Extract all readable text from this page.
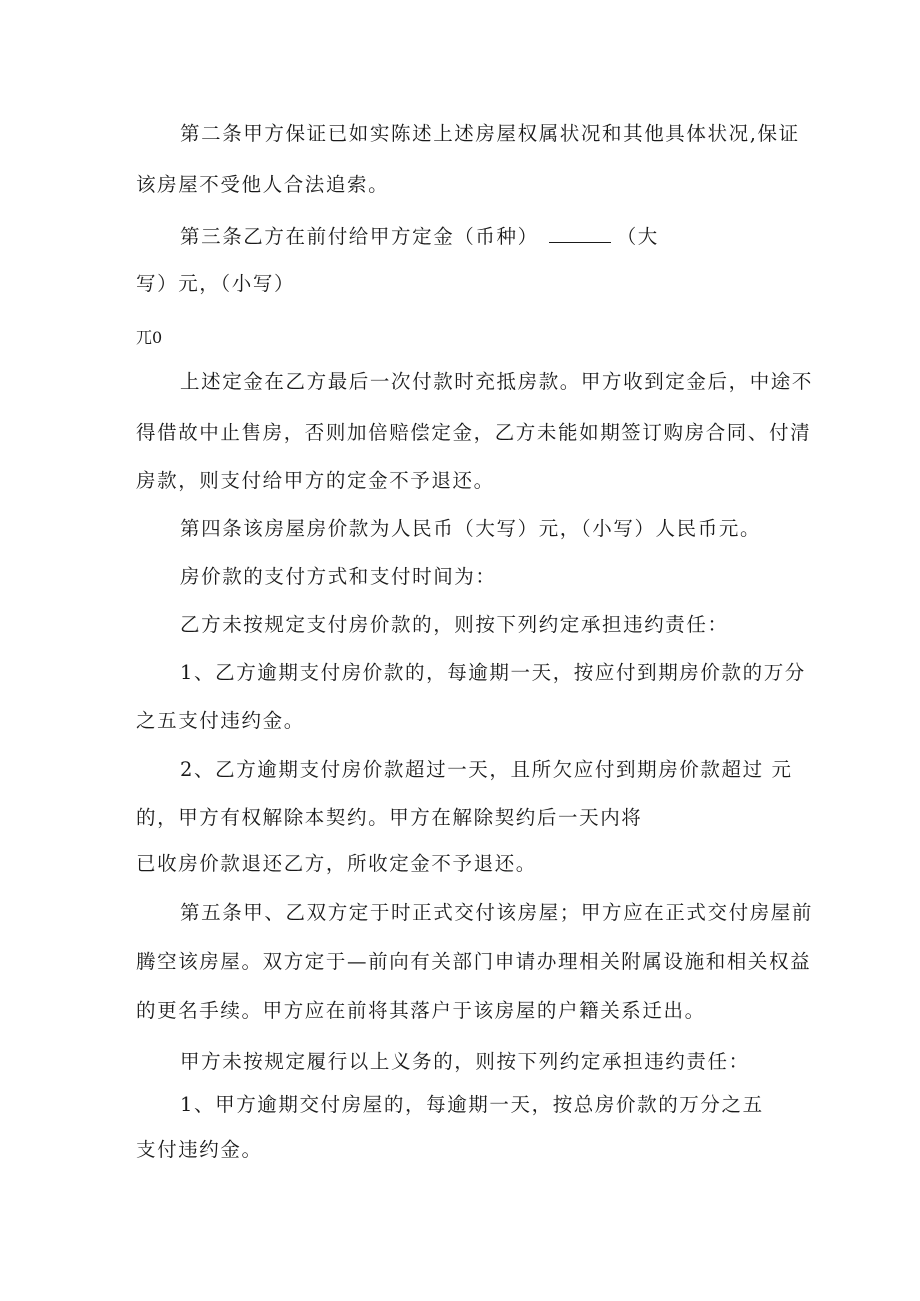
第二条甲方保证已如实陈述上述房屋权属状况和其他具体状况,保证
该房屋不受他人合法追索。
第三条乙方在前付给甲方定金（币种）	（大
写）元，（小写）
兀0
上述定金在乙方最后一次付款时充抵房款。甲方收到定金后，中途不
得借故中止售房，否则加倍赔偿定金，乙方未能如期签订购房合同、付清
房款，则支付给甲方的定金不予退还。
第四条该房屋房价款为人民币（大写）元，（小写）人民币元。
房价款的支付方式和支付时间为：
乙方未按规定支付房价款的，则按下列约定承担违约责任：
1、乙方逾期支付房价款的，每逾期一天，按应付到期房价款的万分
之五支付违约金。
2、乙方逾期支付房价款超过一天，且所欠应付到期房价款超过 元
的，甲方有权解除本契约。甲方在解除契约后一天内将
已收房价款退还乙方，所收定金不予退还。
第五条甲、乙双方定于时正式交付该房屋；甲方应在正式交付房屋前
腾空该房屋。双方定于—前向有关部门申请办理相关附属设施和相关权益
的更名手续。甲方应在前将其落户于该房屋的户籍关系迁出。
甲方未按规定履行以上义务的，则按下列约定承担违约责任：
1、甲方逾期交付房屋的，每逾期一天，按总房价款的万分之五
支付违约金。
